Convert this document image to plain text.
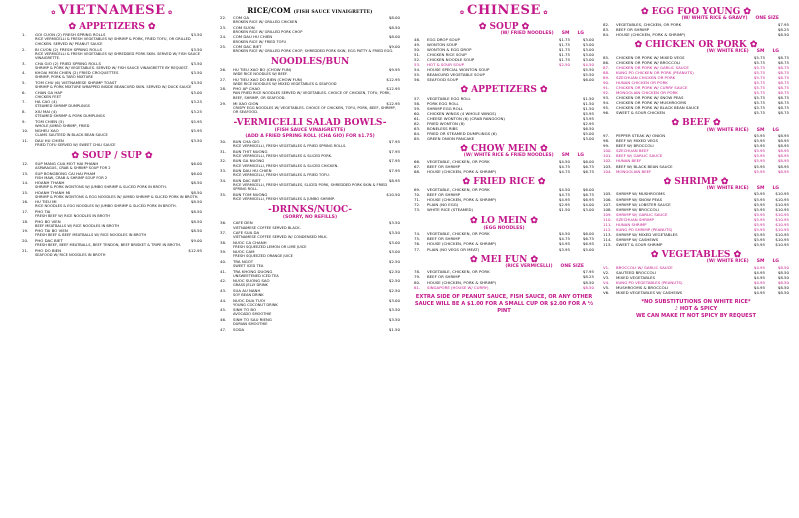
✿ VIETNAMESE ✿
✿ APPETIZERS ✿
1.	GOI CUON (2) FRESH SPRING ROLLS	$3.50
RICE VERMICELLI & FRESH VEGETABLES W/ SHRIMP & PORK, FRIED TOFU, OR GRILLED CHICKEN. SERVED W/ PEANUT SAUCE
2.	BI CUON (2) FRESH SPRING ROLLS	$3.50
RICE VERMICELLI & FRESH VEGETABLES W/ SHREDDED PORK SKIN. SERVED W/ FISH SAUCE VINAIGRETTE.
3.	CHA GIO (2) FRIED SPRING ROLLS	$3.50
SHRIMP & PORK W/ VEGETABLES. SERVED W/ FISH SAUCE VINAIGRETTE BY REQUEST.
4.	KHOAI MON CHIEN (2) FRIED CROQUETTES	$3.50
SHRIMP, PORK & TARO MIXTURE
5.	TOM CHU (6) VIETNAMESE SHRIMP TOAST	$3.50
SHRIMP & PORK MIXTURE WRAPPED INSIDE BEANCURD SKIN. SERVED W/ DUCK SAUCE
6.	CHAN GA HAP	$3.00
CHICKEN FEET
7.	HA CAO (4)	$3.25
STEAMED SHRIMP DUMPLINGS
8.	XIU MAI (4)	$3.25
STEAMED SHRIMP & PORK DUMPLINGS
9.	TOM CHIEN (5)	$5.95
WHOLE JUMBO SHRIMP, FRIED
10.	NGHEU XAO	$5.95
CLAMS SAUTEED IN BLACK BEAN SAUCE
11.	DAU HU CHIEN	$3.50
FRIED TOFU SERVED W/ SWEET CHILI SAUCE
✿ SOUP / SUP ✿
12.	SUP MANG CUA MOT HAI PHANH	$6.00
ASPARAGUS, CRAB & SHRIMP SOUP FOR 2
13.	SUP BONGBONG CAI HAI PHAM	$6.00
FISH MAW, CRAB & SHRIMP SOUP FOR 2
14.	HOANH THANH	$8.50
SHRIMP & PORK WONTONS W/ JUMBO SHRIMP & SLICED PORK IN BROTH.
15.	HOANH THANH MI	$8.50
SHRIMP & PORK WONTONS & EGG NOODLES W/ JUMBO SHRIMP & SLICED PORK IN BROTH.
16.	HU TIEU MI	$8.50
RICE NOODLES & EGG NOODLES W/ JUMBO SHRIMP & SLICED PORK IN BROTH.
17.	PHO TAI	$8.50
FRESH BEEF W/ RICE NOODLES IN BROTH
18.	PHO BO VIEN	$8.50
BEEF MEATBALLS W/ RICE NOODLES IN BROTH
19.	PHO TAI BO VIEN	$8.50
FRESH BEEF & BEEF MEATBALLS W/ RICE NOODLES IN BROTH
20.	PHO DAC BIET	$9.00
FRESH BEEF, BEEF MEATBALLS, BEEF TENDON, BEEF BRISKET & TRIPE IN BROTH.
21.	PHO DO BIEN	$12.95
SEAFOOD W/ RICE NOODLES IN BROTH
RICE/COM (FISH SAUCE VINAIGRETTE)
22.	COM GA	$8.00
BROKEN RICE W/ GRILLED CHICKEN
23.	COM SUON	$8.50
BROKEN RICE W/ GRILLED PORK CHOP
24.	COM DAU HU CHIEN	$8.00
BROKEN RICE W/ FRIED TOFU
25.	COM DAC BIET	$9.00
BROKEN RICE W/ GRILLED PORK CHOP, SHREDDED PORK SKIN, EGG PATTY & FRIED EGG.
NOODLES/BUN
26.	HU TIEU XAO BO (CHOW FUN)	$9.95
WIDE RICE NOODLES W/ BEEF.
27.	HU TIEU XAO DO BIEN (CHOW FUN)	$12.95
WIDE RICE NOODLES W/ MIXED VEGETABLES & SEAFOOD
28.	PHO AP CHAO	$12.95
PAN FRIED RICE NOODLES SERVED W/ VEGETABLES. CHOICE OF CHICKEN, TOFU, PORK, BEEF, SHRIMP, OR SEAFOOD.
29.	MI XAO GION	$12.95
CRISPY EGG NOODLES W/ VEGETABLES. CHOICE OF CHICKEN, TOFU, PORK, BEEF, SHRIMP, OR SEAFOOD.
-VERMICELLI SALAD BOWLS-
(FISH SAUCE VINAIGRETTE)
(ADD A FRIED SPRING ROLL (CHA GIO) FOR $1.75)
30.	BUN CHA GIO	$7.95
RICE VERMICELLI, FRESH VEGETABLES & FRIED SPRING ROLLS.
31.	BUN THIT NUONG	$7.95
RICE VERMICELLI, FRESH VEGETABLES & SLICED PORK.
32.	BUN GA NUONG	$7.95
RICE VERMICELLI, FRESH VEGETABLES & SLICED CHICKEN.
33.	BUN DAU HU CHIEN	$7.95
RICE VERMICELLI, FRESH VEGETABLES & FRIED TOFU.
34.	BUN DAC BIET	$8.95
RICE VERMICELLI, FRESH VEGETABLES, SLICED PORK, SHREDDED PORK SKIN & FRIED SPRING ROLL.
35.	BUN TOM NUONG	$10.50
RICE VERMICELLI, FRESH VEGETABLES & JUMBO SHRIMP.
-DRINKS/NUOC-
(SORRY, NO REFILLS)
36.	CAFE DEN	$3.50
VIETNAMESE COFFEE SERVED BLACK.
37.	CAFE SUA DA	$3.50
VIETNAMESE COFFEE SERVED W/ CONDENSED MILK.
38.	NUOC CA CHANH	$3.00
FRESH SQUEEZED LEMON OR LIME JUICE
39.	NUOC CAM	$3.00
FRESH SQUEEZED ORANGE JUICE
40.	TRA NGOT	$2.50
SWEET ICED TEA
41.	TRA KHONG DUONG	$2.50
UNSWEETENED ICED TEA
42.	NUOC SUONG SAO	$2.50
GRASS JELLY DRINK
43.	SUA AU NANH	$2.50
SOY BEAN DRINK
44.	NUOC DUA TUOI	$3.00
YOUNG COCONUT DRINK
45.	SINH TO BO	$3.50
AVOCADO SMOOTHIE
46.	SINH TO SAU RIENG	$3.50
DURIAN SMOOTHIE
47.	SODA	$1.50
✿ CHINESE ✿
✿ SOUP ✿
(W/ FRIED NOODLES) SM LG
48.	EGG DROP SOUP	$1.75	$3.00
49.	WONTON SOUP	$1.75	$3.00
50.	WONTON & EGG DROP	$1.75	$3.00
51.	CHICKEN RICE SOUP	$1.75	$3.00
52.	CHICKEN NOODLE SOUP	$1.75	$3.00
53.	HOT & SOUR SOUP	$2.50	$4.50
54.	HOUSE SPECIAL WONTON SOUP	$5.50
55.	BEANCURD VEGETABLE SOUP	$5.50
56.	SEAFOOD SOUP	$6.00
✿ APPETIZERS ✿
57.	VEGETABLE EGG ROLL	$1.50
58.	PORK EGG ROLL	$1.50
59.	SHRIMP EGG ROLL	$1.50
60.	CHICKEN WINGS (4 WHOLE WINGS)	$5.95
61.	CHEESE WONTON (6) (CRAB RANGOON)	$3.95
62.	FRIED WONTON (8)	$2.95
63.	BONELESS RIBS	$6.50
64.	FRIED OR STEAMED DUMPLINGS (6)	$5.00
65.	GREEN ONION PANCAKE	$3.00
✿ CHOW MEIN ✿
(W/ WHITE RICE & FRIED NOODLES) SM LG
66.	VEGETABLE, CHICKEN, OR PORK	$4.50	$6.00
67.	BEEF OR SHRIMP	$4.75	$6.75
68.	HOUSE (CHICKEN, PORK & SHRIMP)	$4.75	$6.75
✿ FRIED RICE ✿
69.	VEGETABLE, CHICKEN, OR PORK	$4.50	$6.00
70.	BEEF OR SHRIMP	$4.75	$6.75
71.	HOUSE (CHICKEN, PORK & SHRIMP)	$4.95	$6.95
72.	PLAIN (NO EGG)	$2.95	$4.00
73.	WHITE RICE (STEAMED)	$1.50	$3.00
✿ LO MEIN ✿
(EGG NOODLES)
74.	VEGETABLE, CHICKEN, OR PORK	$4.50	$6.00
75.	BEEF OR SHRIMP	$4.75	$6.75
76.	HOUSE (CHICKEN, PORK & SHRIMP)	$4.95	$6.95
77.	PLAIN (NO VEGS OR MEAT)	$3.95	$5.00
✿ MEI FUN ✿
(RICE VERMICELLI) ONE SIZE
78.	VEGETABLE, CHICKEN, OR PORK	$7.95
79.	BEEF OR SHRIMP	$8.25
80.	HOUSE (CHICKEN, PORK & SHRIMP)	$8.50
81.	SINGAPORE (HOUSE W/ CURRY)	$8.50
EXTRA SIDE OF PEANUT SAUCE, FISH SAUCE, OR ANY OTHER SAUCE WILL BE A $1.00 FOR A SMALL CUP OR $2.00 FOR A ½ PINT
✿ EGG FOO YOUNG ✿
(W/ WHITE RICE & GRAVY) ONE SIZE
82.	VEGETABLES, CHICKEN, OR PORK	$7.95
83.	BEEF OR SHRIMP	$8.25
84.	HOUSE (CHICKEN, PORK & SHRIMP)	$8.50
✿ CHICKEN OR PORK ✿
(W/ WHITE RICE) SM LG
85.	CHICKEN OR PORK W/ MIXED VEGS	$5.75	$8.75
86.	CHICKEN OR PORK W/ BROCCOLI	$5.75	$8.75
87.	CHICKEN OR PORK W/ GARLIC SAUCE	$5.75	$8.75
88.	KUNG PO CHICKEN OR PORK (PEANUTS)	$5.75	$8.75
89.	SZECHUAN CHICKEN OR PORK	$5.75	$8.75
90.	HUNAN CHICKEN OR PORK	$5.75	$8.75
91.	CHICKEN OR PORK W/ CURRY SAUCE	$5.75	$8.75
92.	MONGOLIAN CHICKEN OR PORK	$5.75	$8.75
93.	CHICKEN OR PORK W/ SNOW PEAS	$5.75	$8.75
94.	CHICKEN OR PORK W/ MUSHROOMS	$5.75	$8.75
95.	CHICKEN OR PORK W/ BLACK BEAN SAUCE	$5.75	$8.75
96.	SWEET & SOUR CHICKEN	$5.75	$8.75
✿ BEEF ✿
(W/ WHITE RICE) SM LG
97.	PEPPER STEAK W/ ONION	$5.95	$8.95
98.	BEEF W/ MIXED VEGS	$5.95	$8.95
99.	BEEF W/ BROCCOLI	$5.95	$8.95
100.	SZECHUAN BEEF	$5.95	$8.95
101.	BEEF W/ GARLIC SAUCE	$5.95	$8.95
102.	HUNAN BEEF	$5.95	$8.95
103.	BEEF W/ BLACK BEAN SAUCE	$5.95	$8.95
104.	MONGOLIAN BEEF	$5.95	$8.95
✿ SHRIMP ✿
(W/ WHITE RICE) SM LG
105.	SHRIMP W/ MUSHROOMS	$5.95	$10.95
106.	SHRIMP W/ SNOW PEAS	$5.95	$10.95
107.	SHRIMP W/ LOBSTER SAUCE	$5.95	$10.95
108.	SHRIMP W/ BROCCOLI	$5.95	$10.95
109.	SHRIMP W/ GARLIC SAUCE	$5.95	$10.95
110.	SZECHUAN SHRIMP	$5.95	$10.95
111.	HUNAN SHRIMP	$5.95	$10.95
112.	KUNG PO SHRIMP (PEANUTS)	$5.95	$10.95
113.	SHRIMP W/ MIXED VEGETABLES	$5.95	$10.95
114.	SHRIMP W/ CASHEWS	$5.95	$10.95
115.	SWEET & SOUR SHRIMP	$5.95	$10.95
✿ VEGETABLES ✿
(W/ WHITE RICE) SM LG
V1.	BROCCOLI W/ GARLIC SAUCE	$4.95	$8.50
V2.	SAUTEED BROCCOLI	$4.95	$8.50
V3.	MIXED VEGETABLES	$4.95	$8.50
V4.	KUNG PO VEGETABLES (PEANUTS)	$4.95	$8.50
V5.	MUSHROOMS & BROCCOLI	$4.95	$8.50
V6.	MIXED VEGETABLES W/ CASHEWS	$4.95	$8.50
*NO SUBSTITUTIONS ON WHITE RICE*
♪ HOT & SPICY
WE CAN MAKE IT NOT SPICY BY REQUEST
